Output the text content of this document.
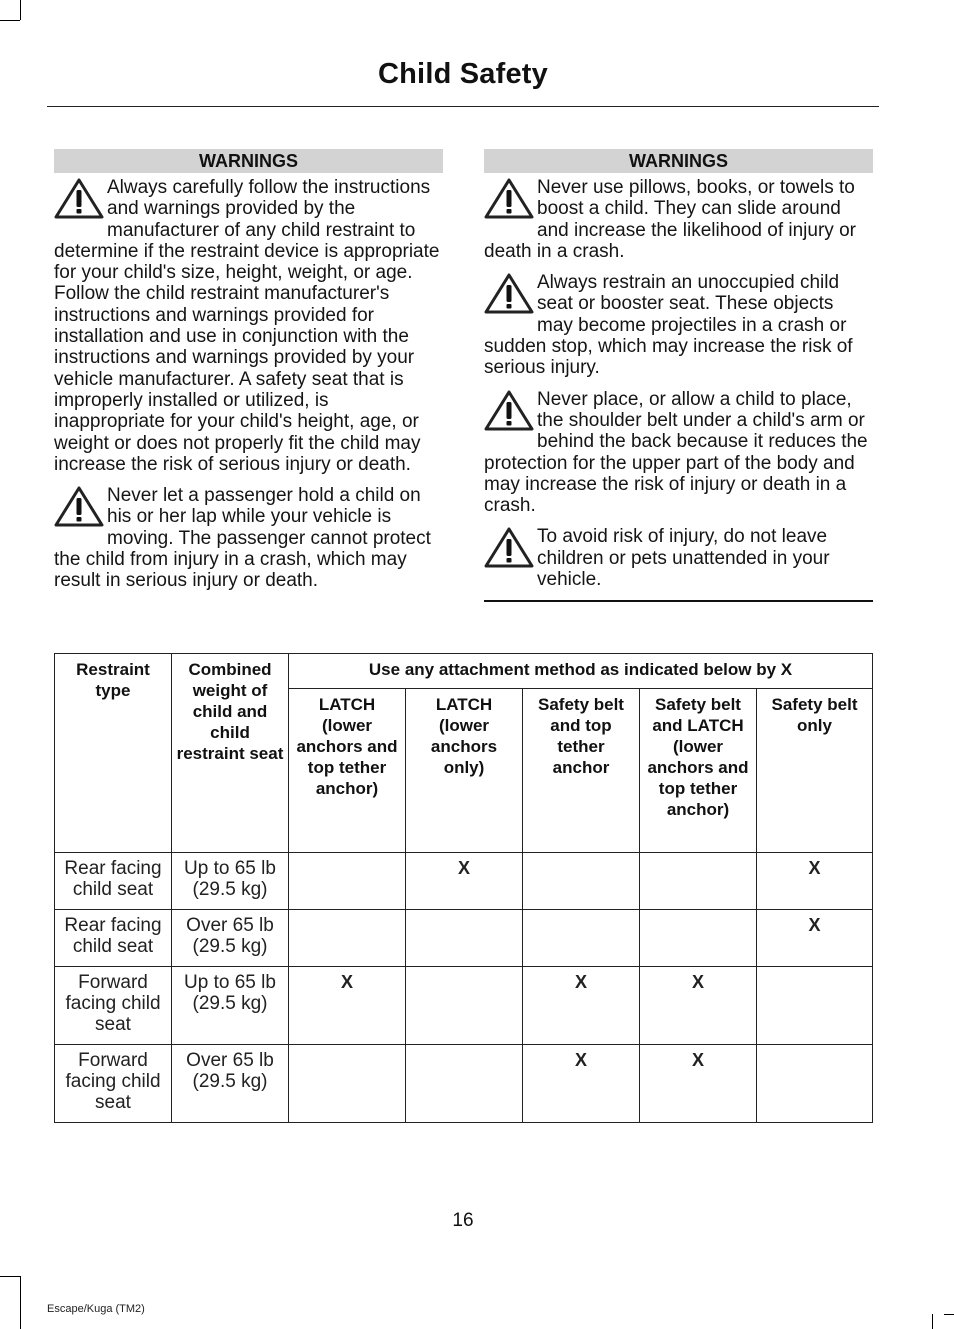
Child Safety
WARNINGS
Always carefully follow the instructions and warnings provided by the manufacturer of any child restraint to determine if the restraint device is appropriate for your child's size, height, weight, or age. Follow the child restraint manufacturer's instructions and warnings provided for installation and use in conjunction with the instructions and warnings provided by your vehicle manufacturer. A safety seat that is improperly installed or utilized, is inappropriate for your child's height, age, or weight or does not properly fit the child may increase the risk of serious injury or death.
Never let a passenger hold a child on his or her lap while your vehicle is moving. The passenger cannot protect the child from injury in a crash, which may result in serious injury or death.
WARNINGS
Never use pillows, books, or towels to boost a child. They can slide around and increase the likelihood of injury or death in a crash.
Always restrain an unoccupied child seat or booster seat. These objects may become projectiles in a crash or sudden stop, which may increase the risk of serious injury.
Never place, or allow a child to place, the shoulder belt under a child's arm or behind the back because it reduces the protection for the upper part of the body and may increase the risk of injury or death in a crash.
To avoid risk of injury, do not leave children or pets unattended in your vehicle.
Restraint type	Combined weight of child and child restraint seat	Use any attachment method as indicated below by X				
		LATCH (lower anchors and top tether anchor)	LATCH (lower anchors only)	Safety belt and top tether anchor	Safety belt and LATCH (lower anchors and top tether anchor)	Safety belt only
Rear facing child seat	Up to 65 lb (29.5 kg)		X			X
Rear facing child seat	Over 65 lb (29.5 kg)					X
Forward facing child seat	Up to 65 lb (29.5 kg)	X		X	X	
Forward facing child seat	Over 65 lb (29.5 kg)			X	X	
16
Escape/Kuga (TM2)
